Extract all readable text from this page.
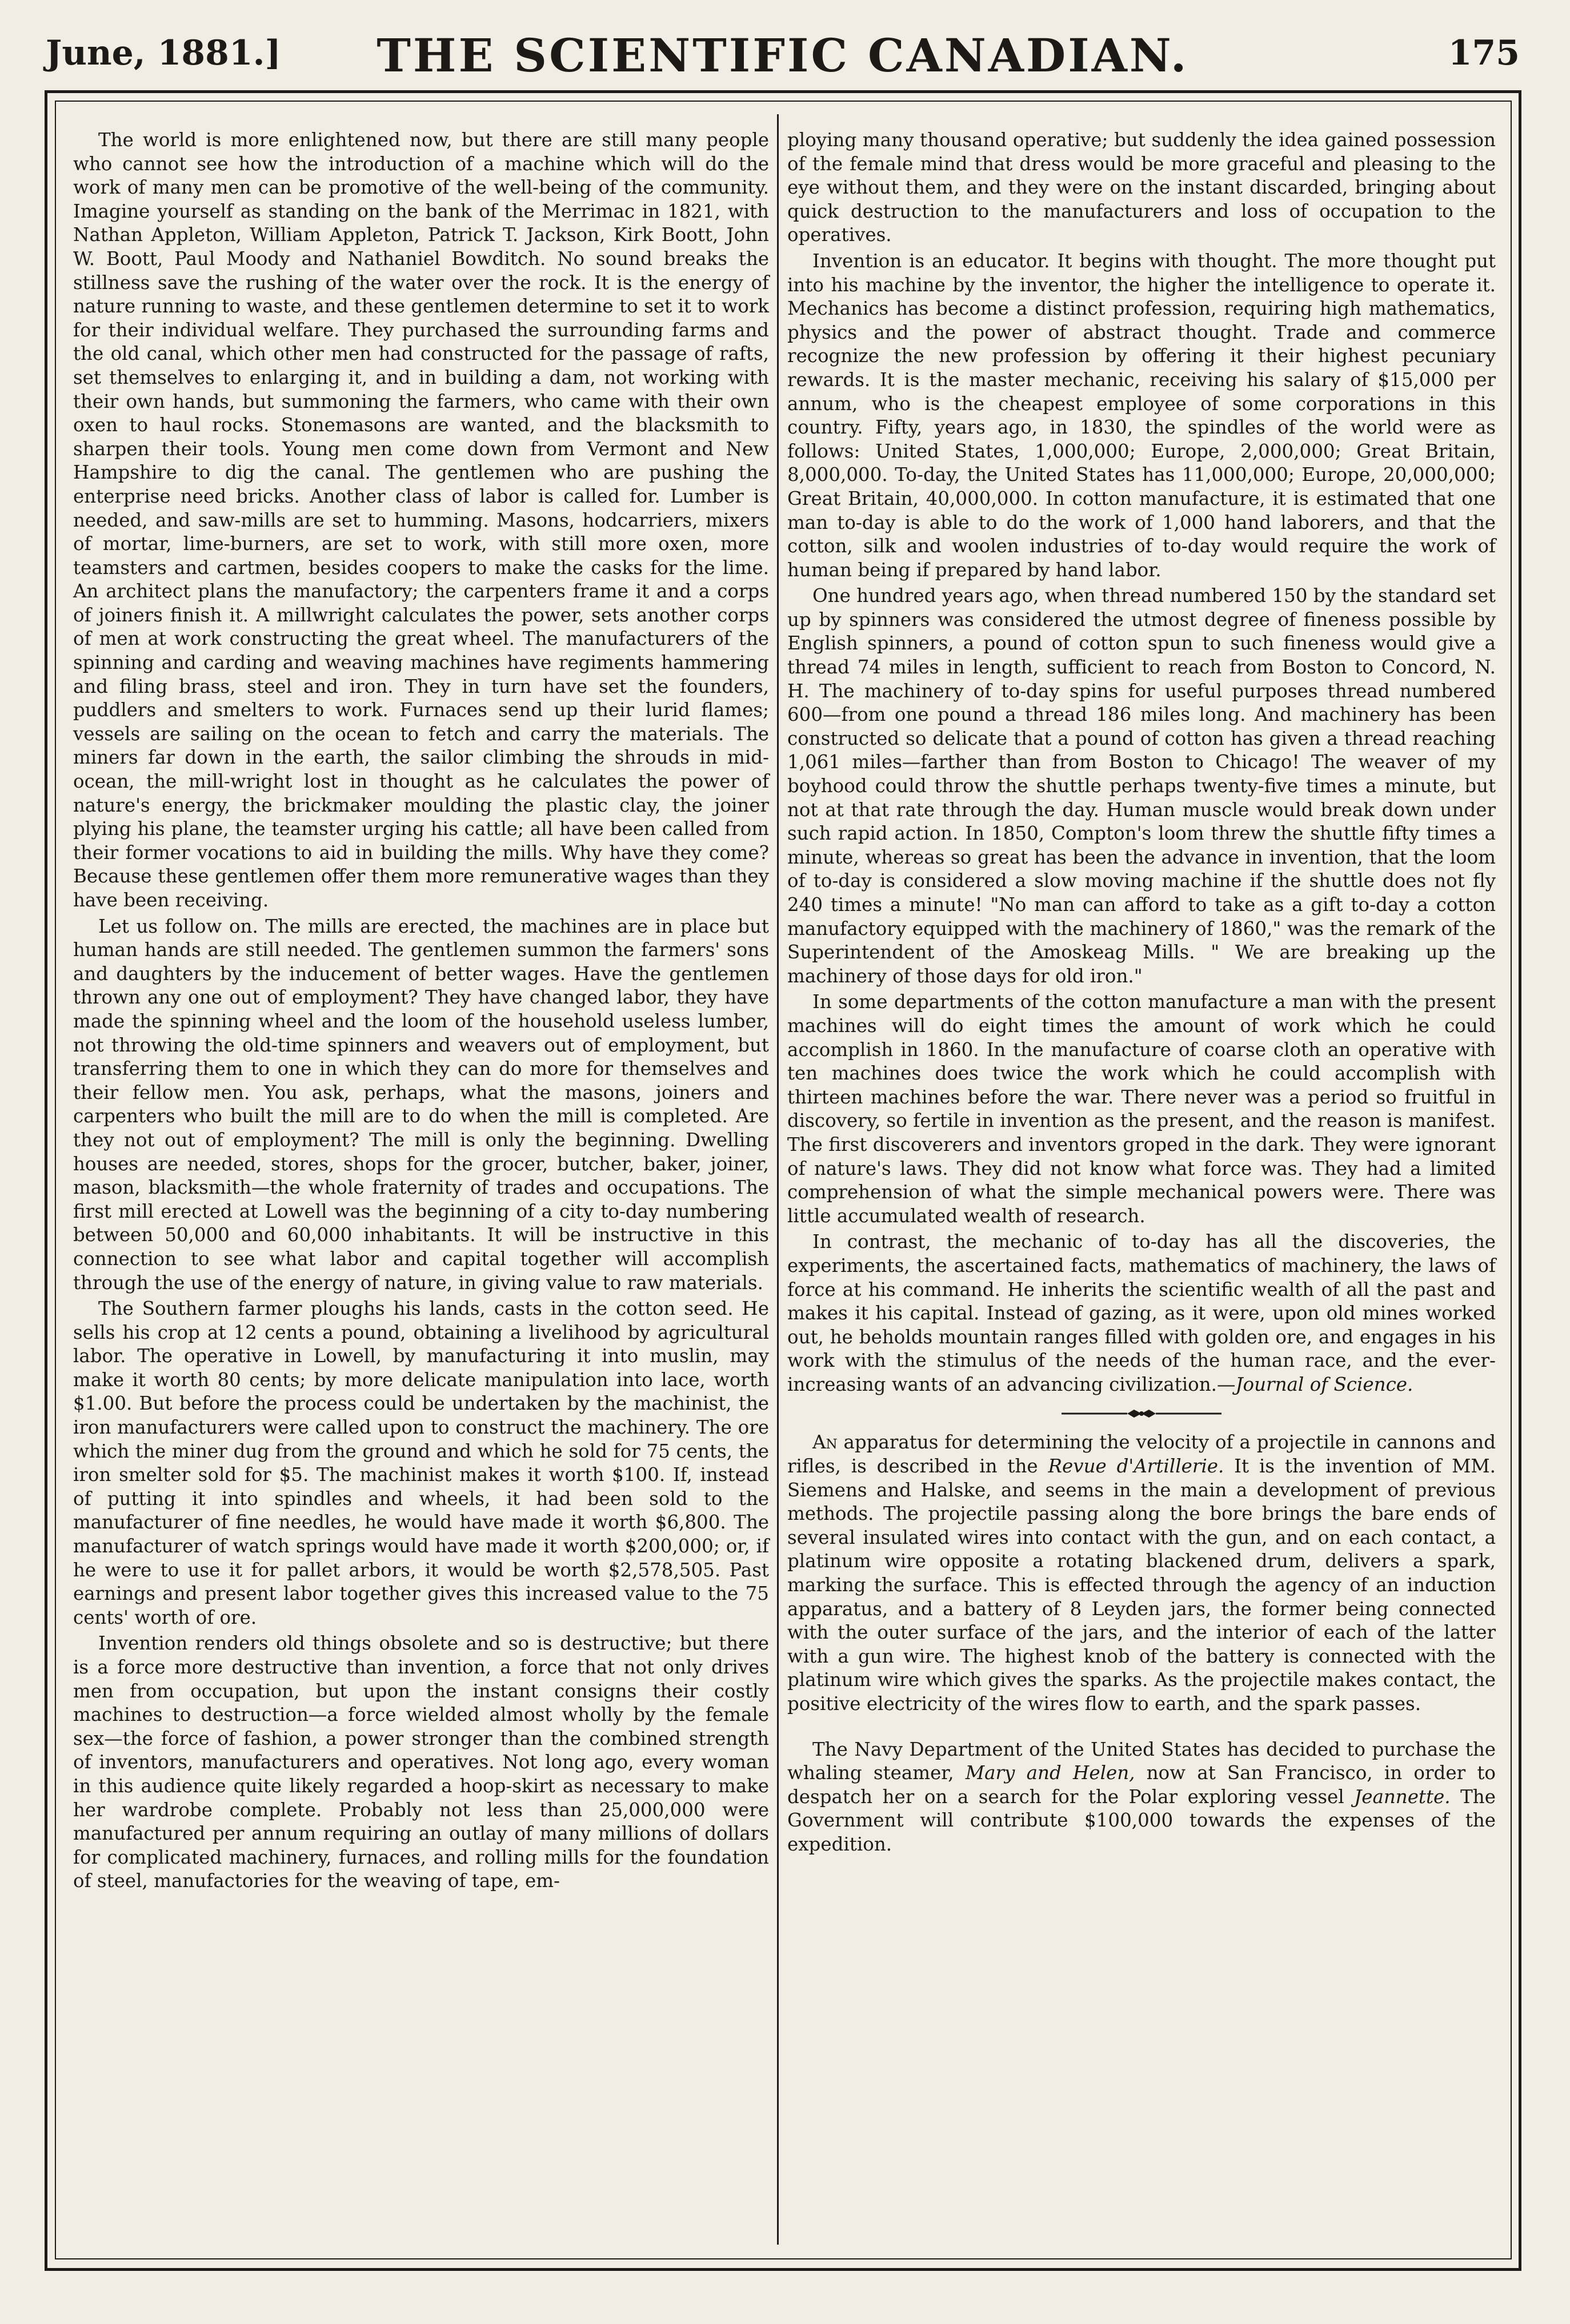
June, 1881.]	THE SCIENTIFIC CANADIAN.	175

The world is more enlightened now, but there are still many people who cannot see how the introduction of a machine which will do the work of many men can be promotive of the well-being of the community. Imagine yourself as standing on the bank of the Merrimac in 1821, with Nathan Appleton, William Appleton, Patrick T. Jackson, Kirk Boott, John W. Boott, Paul Moody and Nathaniel Bowditch. No sound breaks the stillness save the rushing of the water over the rock. It is the energy of nature running to waste, and these gentlemen determine to set it to work for their individual welfare. They purchased the surrounding farms and the old canal, which other men had constructed for the passage of rafts, set themselves to enlarging it, and in building a dam, not working with their own hands, but summoning the farmers, who came with their own oxen to haul rocks. Stonemasons are wanted, and the blacksmith to sharpen their tools. Young men come down from Vermont and New Hampshire to dig the canal. The gentlemen who are pushing the enterprise need bricks. Another class of labor is called for. Lumber is needed, and saw-mills are set to humming. Masons, hodcarriers, mixers of mortar, lime-burners, are set to work, with still more oxen, more teamsters and cartmen, besides coopers to make the casks for the lime. An architect plans the manufactory; the carpenters frame it and a corps of joiners finish it. A millwright calculates the power, sets another corps of men at work constructing the great wheel. The manufacturers of the spinning and carding and weaving machines have regiments hammering and filing brass, steel and iron. They in turn have set the founders, puddlers and smelters to work. Furnaces send up their lurid flames; vessels are sailing on the ocean to fetch and carry the materials. The miners far down in the earth, the sailor climbing the shrouds in mid-ocean, the mill-wright lost in thought as he calculates the power of nature's energy, the brickmaker moulding the plastic clay, the joiner plying his plane, the teamster urging his cattle; all have been called from their former vocations to aid in building the mills. Why have they come? Because these gentlemen offer them more remunerative wages than they have been receiving.

Let us follow on. The mills are erected, the machines are in place but human hands are still needed. The gentlemen summon the farmers' sons and daughters by the inducement of better wages. Have the gentlemen thrown any one out of employment? They have changed labor, they have made the spinning wheel and the loom of the household useless lumber, not throwing the old-time spinners and weavers out of employment, but transferring them to one in which they can do more for themselves and their fellow men. You ask, perhaps, what the masons, joiners and carpenters who built the mill are to do when the mill is completed. Are they not out of employment? The mill is only the beginning. Dwelling houses are needed, stores, shops for the grocer, butcher, baker, joiner, mason, blacksmith—the whole fraternity of trades and occupations. The first mill erected at Lowell was the beginning of a city to-day numbering between 50,000 and 60,000 inhabitants. It will be instructive in this connection to see what labor and capital together will accomplish through the use of the energy of nature, in giving value to raw materials.

The Southern farmer ploughs his lands, casts in the cotton seed. He sells his crop at 12 cents a pound, obtaining a livelihood by agricultural labor. The operative in Lowell, by manufacturing it into muslin, may make it worth 80 cents; by more delicate manipulation into lace, worth $1.00. But before the process could be undertaken by the machinist, the iron manufacturers were called upon to construct the machinery. The ore which the miner dug from the ground and which he sold for 75 cents, the iron smelter sold for $5. The machinist makes it worth $100. If, instead of putting it into spindles and wheels, it had been sold to the manufacturer of fine needles, he would have made it worth $6,800. The manufacturer of watch springs would have made it worth $200,000; or, if he were to use it for pallet arbors, it would be worth $2,578,505. Past earnings and present labor together gives this increased value to the 75 cents' worth of ore.

Invention renders old things obsolete and so is destructive; but there is a force more destructive than invention, a force that not only drives men from occupation, but upon the instant consigns their costly machines to destruction—a force wielded almost wholly by the female sex—the force of fashion, a power stronger than the combined strength of inventors, manufacturers and operatives. Not long ago, every woman in this audience quite likely regarded a hoop-skirt as necessary to make her wardrobe complete. Probably not less than 25,000,000 were manufactured per annum requiring an outlay of many millions of dollars for complicated machinery, furnaces, and rolling mills for the foundation of steel, manufactories for the weaving of tape, em-

ploying many thousand operative; but suddenly the idea gained possession of the female mind that dress would be more graceful and pleasing to the eye without them, and they were on the instant discarded, bringing about quick destruction to the manufacturers and loss of occupation to the operatives.

Invention is an educator. It begins with thought. The more thought put into his machine by the inventor, the higher the intelligence to operate it. Mechanics has become a distinct profession, requiring high mathematics, physics and the power of abstract thought. Trade and commerce recognize the new profession by offering it their highest pecuniary rewards. It is the master mechanic, receiving his salary of $15,000 per annum, who is the cheapest employee of some corporations in this country. Fifty, years ago, in 1830, the spindles of the world were as follows: United States, 1,000,000; Europe, 2,000,000; Great Britain, 8,000,000. To-day, the United States has 11,000,000; Europe, 20,000,000; Great Britain, 40,000,000. In cotton manufacture, it is estimated that one man to-day is able to do the work of 1,000 hand laborers, and that the cotton, silk and woolen industries of to-day would require the work of human being if prepared by hand labor.

One hundred years ago, when thread numbered 150 by the standard set up by spinners was considered the utmost degree of fineness possible by English spinners, a pound of cotton spun to such fineness would give a thread 74 miles in length, sufficient to reach from Boston to Concord, N. H. The machinery of to-day spins for useful purposes thread numbered 600—from one pound a thread 186 miles long. And machinery has been constructed so delicate that a pound of cotton has given a thread reaching 1,061 miles—farther than from Boston to Chicago! The weaver of my boyhood could throw the shuttle perhaps twenty-five times a minute, but not at that rate through the day. Human muscle would break down under such rapid action. In 1850, Compton's loom threw the shuttle fifty times a minute, whereas so great has been the advance in invention, that the loom of to-day is considered a slow moving machine if the shuttle does not fly 240 times a minute! "No man can afford to take as a gift to-day a cotton manufactory equipped with the machinery of 1860," was the remark of the Superintendent of the Amoskeag Mills. " We are breaking up the machinery of those days for old iron."

In some departments of the cotton manufacture a man with the present machines will do eight times the amount of work which he could accomplish in 1860. In the manufacture of coarse cloth an operative with ten machines does twice the work which he could accomplish with thirteen machines before the war. There never was a period so fruitful in discovery, so fertile in invention as the present, and the reason is manifest. The first discoverers and inventors groped in the dark. They were ignorant of nature's laws. They did not know what force was. They had a limited comprehension of what the simple mechanical powers were. There was little accumulated wealth of research.

In contrast, the mechanic of to-day has all the discoveries, the experiments, the ascertained facts, mathematics of machinery, the laws of force at his command. He inherits the scientific wealth of all the past and makes it his capital. Instead of gazing, as it were, upon old mines worked out, he beholds mountain ranges filled with golden ore, and engages in his work with the stimulus of the needs of the human race, and the ever-increasing wants of an advancing civilization.—Journal of Science.

An apparatus for determining the velocity of a projectile in cannons and rifles, is described in the Revue d'Artillerie. It is the invention of MM. Siemens and Halske, and seems in the main a development of previous methods. The projectile passing along the bore brings the bare ends of several insulated wires into contact with the gun, and on each contact, a platinum wire opposite a rotating blackened drum, delivers a spark, marking the surface. This is effected through the agency of an induction apparatus, and a battery of 8 Leyden jars, the former being connected with the outer surface of the jars, and the interior of each of the latter with a gun wire. The highest knob of the battery is connected with the platinum wire which gives the sparks. As the projectile makes contact, the positive electricity of the wires flow to earth, and the spark passes.

The Navy Department of the United States has decided to purchase the whaling steamer, Mary and Helen, now at San Francisco, in order to despatch her on a search for the Polar exploring vessel Jeannette. The Government will contribute $100,000 towards the expenses of the expedition.
